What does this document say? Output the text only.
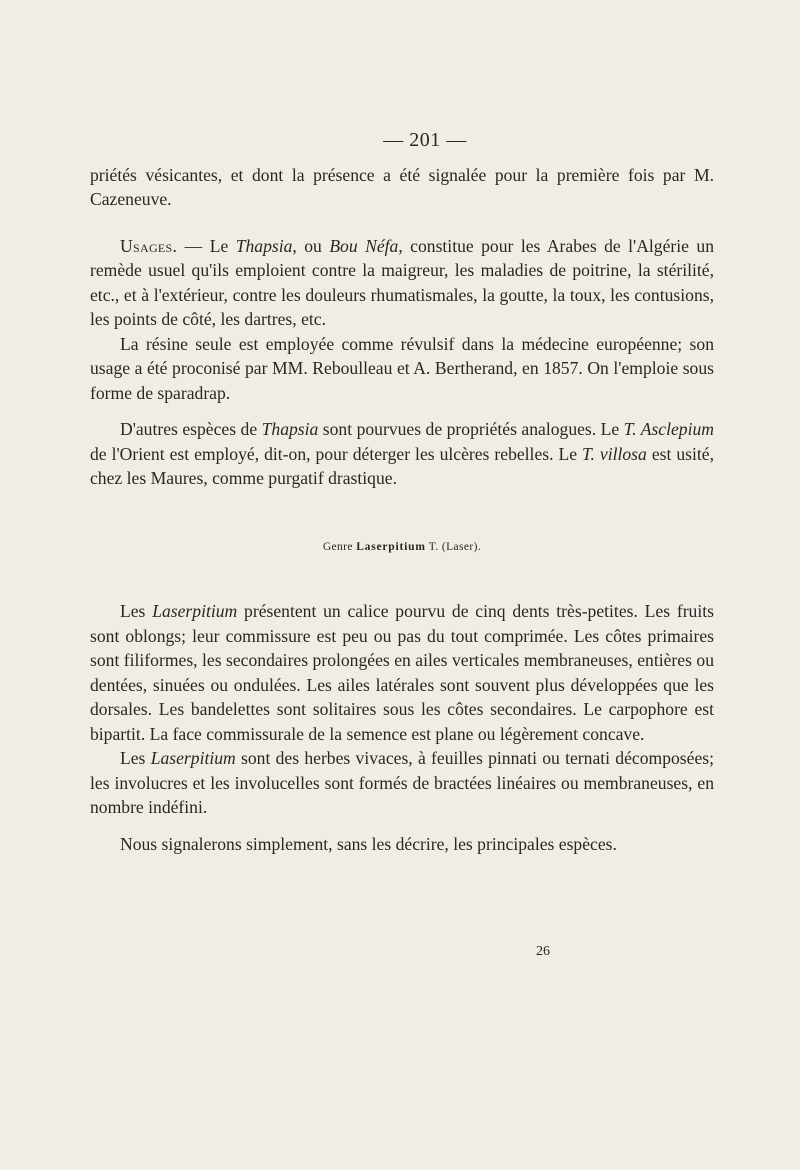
— 201 —

priétés vésicantes, et dont la présence a été signalée pour la première fois par M. Cazeneuve.

Usages. — Le Thapsia, ou Bou Néfa, constitue pour les Arabes de l'Algérie un remède usuel qu'ils emploient contre la maigreur, les maladies de poitrine, la stérilité, etc., et à l'extérieur, contre les douleurs rhumatismales, la goutte, la toux, les contusions, les points de côté, les dartres, etc.

La résine seule est employée comme révulsif dans la médecine européenne; son usage a été proconisé par MM. Reboulleau et A. Bertherand, en 1857. On l'emploie sous forme de sparadrap.

D'autres espèces de Thapsia sont pourvues de propriétés analogues. Le T. Asclepium de l'Orient est employé, dit-on, pour déterger les ulcères rebelles. Le T. villosa est usité, chez les Maures, comme purgatif drastique.

Genre Laserpitium T. (Laser).

Les Laserpitium présentent un calice pourvu de cinq dents très-petites. Les fruits sont oblongs; leur commissure est peu ou pas du tout comprimée. Les côtes primaires sont filiformes, les secondaires prolongées en ailes verticales membraneuses, entières ou dentées, sinuées ou ondulées. Les ailes latérales sont souvent plus développées que les dorsales. Les bandelettes sont solitaires sous les côtes secondaires. Le carpophore est bipartit. La face commissurale de la semence est plane ou légèrement concave.

Les Laserpitium sont des herbes vivaces, à feuilles pinnati ou ternati décomposées; les involucres et les involucelles sont formés de bractées linéaires ou membraneuses, en nombre indéfini.

Nous signalerons simplement, sans les décrire, les principales espèces.

26
